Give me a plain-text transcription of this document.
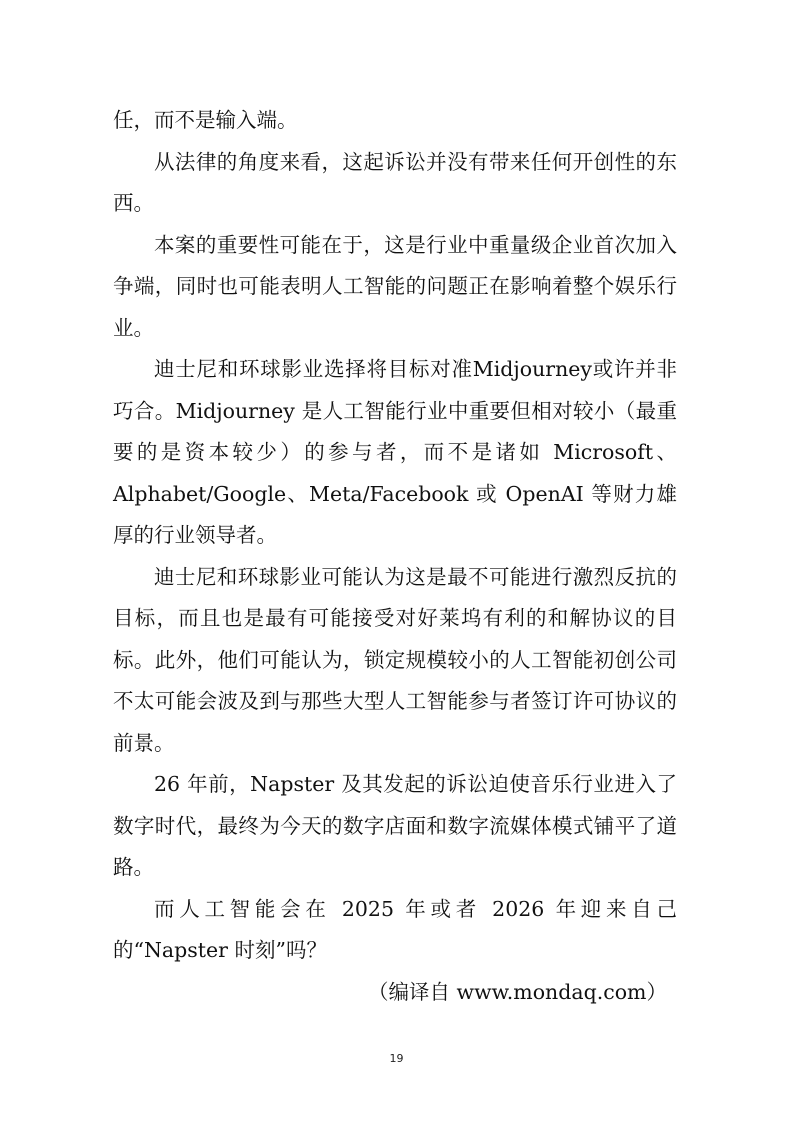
任，而不是输入端。

从法律的角度来看，这起诉讼并没有带来任何开创性的东西。

本案的重要性可能在于，这是行业中重量级企业首次加入争端，同时也可能表明人工智能的问题正在影响着整个娱乐行业。

迪士尼和环球影业选择将目标对准Midjourney或许并非巧合。Midjourney 是人工智能行业中重要但相对较小（最重要的是资本较少）的参与者，而不是诸如 Microsoft、Alphabet/Google、Meta/Facebook 或 OpenAI 等财力雄厚的行业领导者。

迪士尼和环球影业可能认为这是最不可能进行激烈反抗的目标，而且也是最有可能接受对好莱坞有利的和解协议的目标。此外，他们可能认为，锁定规模较小的人工智能初创公司不太可能会波及到与那些大型人工智能参与者签订许可协议的前景。

26 年前，Napster 及其发起的诉讼迫使音乐行业进入了数字时代，最终为今天的数字店面和数字流媒体模式铺平了道路。

而人工智能会在 2025 年或者 2026 年迎来自己的“Napster 时刻”吗？

（编译自 www.mondaq.com）

19
